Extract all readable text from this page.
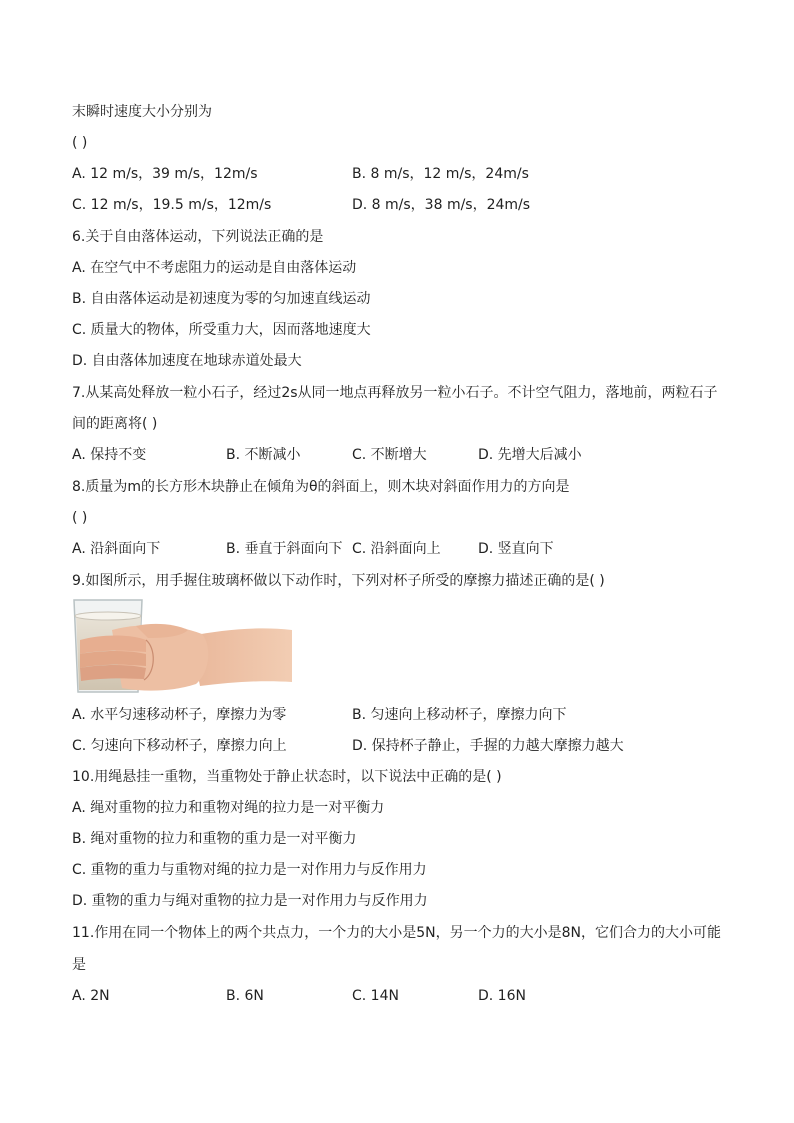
末瞬时速度大小分别为
( )
A. 12 m/s，39 m/s，12m/s	B. 8 m/s，12 m/s，24m/s
C. 12 m/s，19.5 m/s，12m/s	D. 8 m/s，38 m/s，24m/s
6.关于自由落体运动，下列说法正确的是
A. 在空气中不考虑阻力的运动是自由落体运动
B. 自由落体运动是初速度为零的匀加速直线运动
C. 质量大的物体，所受重力大，因而落地速度大
D. 自由落体加速度在地球赤道处最大
7.从某高处释放一粒小石子，经过2s从同一地点再释放另一粒小石子。不计空气阻力，落地前，两粒石子
间的距离将( )
A. 保持不变	B. 不断减小	C. 不断增大	D. 先增大后减小
8.质量为m的长方形木块静止在倾角为θ的斜面上，则木块对斜面作用力的方向是
( )
A. 沿斜面向下	B. 垂直于斜面向下 C. 沿斜面向上	D. 竖直向下
9.如图所示，用手握住玻璃杯做以下动作时，下列对杯子所受的摩擦力描述正确的是( )
A. 水平匀速移动杯子，摩擦力为零	B. 匀速向上移动杯子，摩擦力向下
C. 匀速向下移动杯子，摩擦力向上	D. 保持杯子静止，手握的力越大摩擦力越大
10.用绳悬挂一重物，当重物处于静止状态时，以下说法中正确的是( )
A. 绳对重物的拉力和重物对绳的拉力是一对平衡力
B. 绳对重物的拉力和重物的重力是一对平衡力
C. 重物的重力与重物对绳的拉力是一对作用力与反作用力
D. 重物的重力与绳对重物的拉力是一对作用力与反作用力
11.作用在同一个物体上的两个共点力，一个力的大小是5N，另一个力的大小是8N，它们合力的大小可能
是
A. 2N	B. 6N	C. 14N	D. 16N
